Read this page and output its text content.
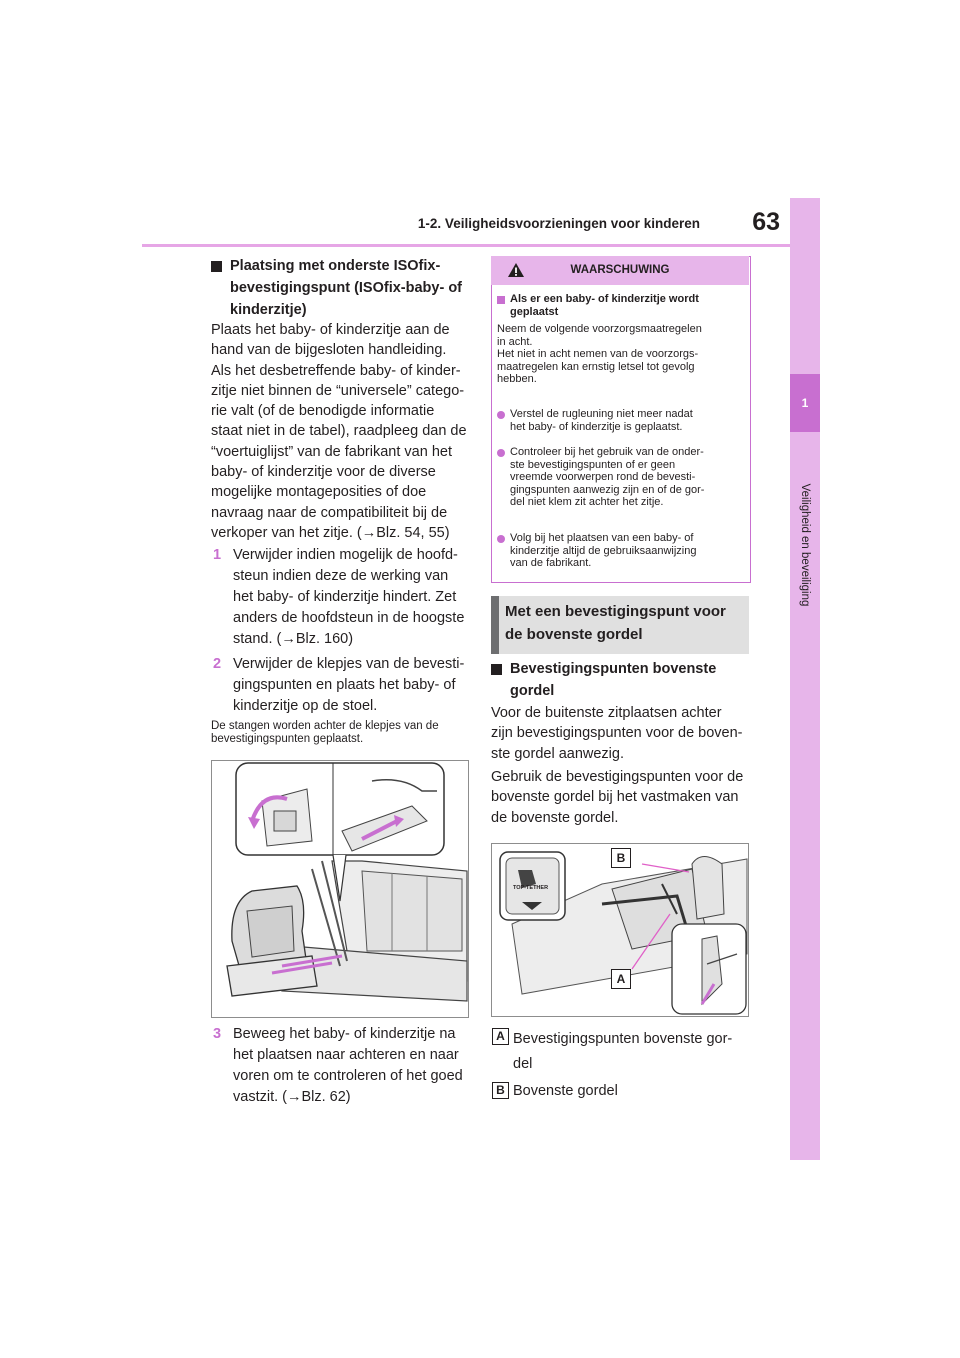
1-2. Veiligheidsvoorzieningen voor kinderen	63
1
Veiligheid en beveiliging
Plaatsing met onderste ISOfix-
bevestigingspunt (ISOfix-baby- of
kinderzitje)
Plaats het baby- of kinderzitje aan de
hand van de bijgesloten handleiding.
Als het desbetreffende baby- of kinder-
zitje niet binnen de “universele” catego-
rie valt (of de benodigde informatie
staat niet in de tabel), raadpleeg dan de
“voertuiglijst” van de fabrikant van het
baby- of kinderzitje voor de diverse
mogelijke montageposities of doe
navraag naar de compatibiliteit bij de
verkoper van het zitje. (→Blz. 54, 55)
1 Verwijder indien mogelijk de hoofd-
steun indien deze de werking van
het baby- of kinderzitje hindert. Zet
anders de hoofdsteun in de hoogste
stand. (→Blz. 160)
2 Verwijder de klepjes van de bevesti-
gingspunten en plaats het baby- of
kinderzitje op de stoel.
De stangen worden achter de klepjes van de
bevestigingspunten geplaatst.
3 Beweeg het baby- of kinderzitje na
het plaatsen naar achteren en naar
voren om te controleren of het goed
vastzit. (→Blz. 62)
WAARSCHUWING
Als er een baby- of kinderzitje wordt
geplaatst
Neem de volgende voorzorgsmaatregelen
in acht.
Het niet in acht nemen van de voorzorgs-
maatregelen kan ernstig letsel tot gevolg
hebben.
Verstel de rugleuning niet meer nadat
het baby- of kinderzitje is geplaatst.
Controleer bij het gebruik van de onder-
ste bevestigingspunten of er geen
vreemde voorwerpen rond de bevesti-
gingspunten aanwezig zijn en of de gor-
del niet klem zit achter het zitje.
Volg bij het plaatsen van een baby- of
kinderzitje altijd de gebruiksaanwijzing
van de fabrikant.
Met een bevestigingspunt voor
de bovenste gordel
Bevestigingspunten bovenste
gordel
Voor de buitenste zitplaatsen achter
zijn bevestigingspunten voor de boven-
ste gordel aanwezig.
Gebruik de bevestigingspunten voor de
bovenste gordel bij het vastmaken van
de bovenste gordel.
TOP-TETHER
B
A
A Bevestigingspunten bovenste gor-
del
B Bovenste gordel
